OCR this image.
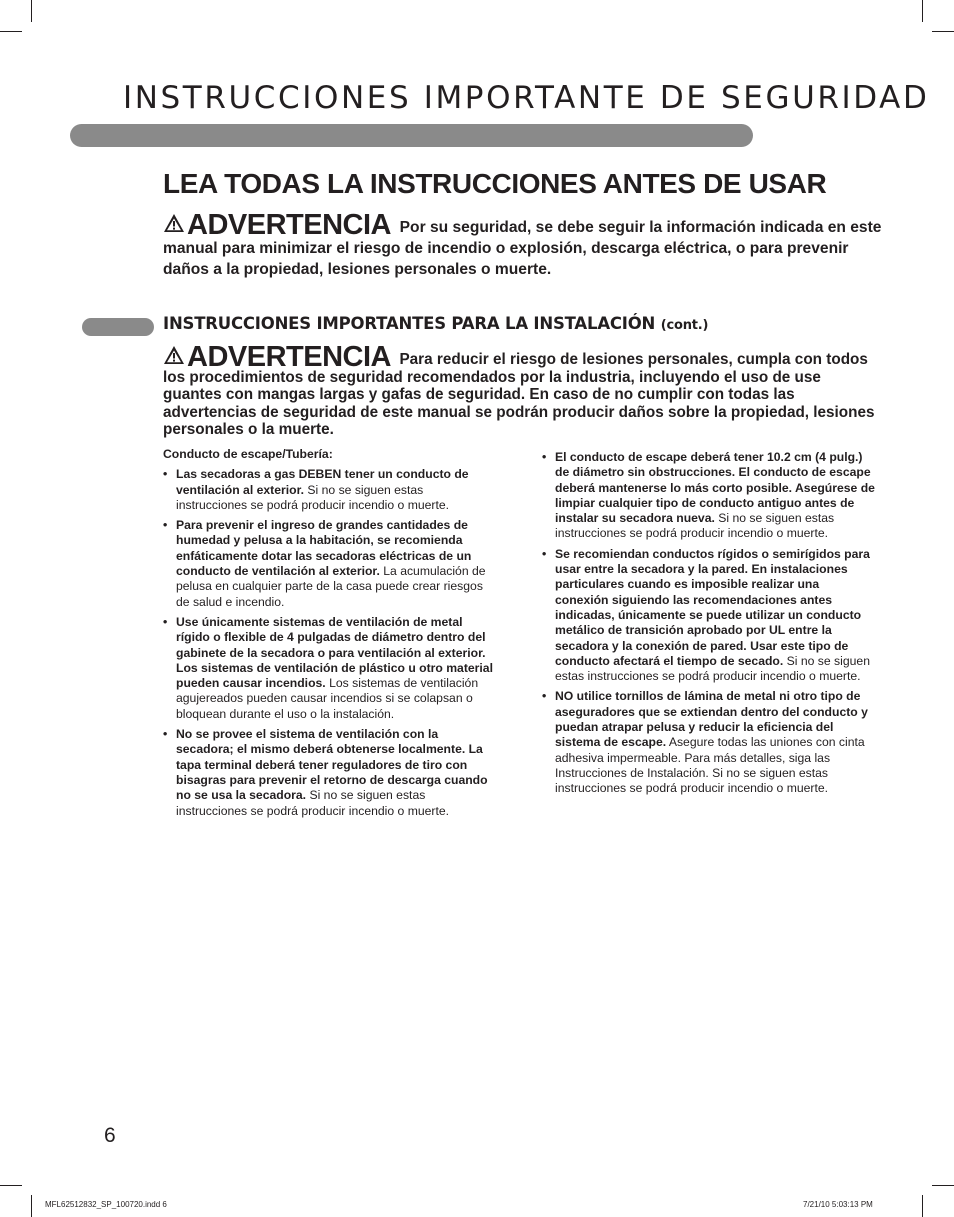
INSTRUCCIONES IMPORTANTE DE SEGURIDAD
LEA TODAS LA INSTRUCCIONES ANTES DE USAR
ADVERTENCIA Por su seguridad, se debe seguir la información indicada en este manual para minimizar el riesgo de incendio o explosión, descarga eléctrica, o para prevenir daños a la propiedad, lesiones personales o muerte.
INSTRUCCIONES IMPORTANTES PARA LA INSTALACIÓN (cont.)
ADVERTENCIA Para reducir el riesgo de lesiones personales, cumpla con todos los procedimientos de seguridad recomendados por la industria, incluyendo el uso de use guantes con mangas largas y gafas de seguridad. En caso de no cumplir con todas las advertencias de seguridad de este manual se podrán producir daños sobre la propiedad, lesiones personales o la muerte.

Conducto de escape/Tubería:

• Las secadoras a gas DEBEN tener un conducto de ventilación al exterior. Si no se siguen estas instrucciones se podrá producir incendio o muerte.
• Para prevenir el ingreso de grandes cantidades de humedad y pelusa a la habitación, se recomienda enfáticamente dotar las secadoras eléctricas de un conducto de ventilación al exterior. La acumulación de pelusa en cualquier parte de la casa puede crear riesgos de salud e incendio.
• Use únicamente sistemas de ventilación de metal rígido o flexible de 4 pulgadas de diámetro dentro del gabinete de la secadora o para ventilación al exterior. Los sistemas de ventilación de plástico u otro material pueden causar incendios. Los sistemas de ventilación agujereados pueden causar incendios si se colapsan o bloquean durante el uso o la instalación.
• No se provee el sistema de ventilación con la secadora; el mismo deberá obtenerse localmente. La tapa terminal deberá tener reguladores de tiro con bisagras para prevenir el retorno de descarga cuando no se usa la secadora. Si no se siguen estas instrucciones se podrá producir incendio o muerte.
• El conducto de escape deberá tener 10.2 cm (4 pulg.) de diámetro sin obstrucciones. El conducto de escape deberá mantenerse lo más corto posible. Asegúrese de limpiar cualquier tipo de conducto antiguo antes de instalar su secadora nueva. Si no se siguen estas instrucciones se podrá producir incendio o muerte.
• Se recomiendan conductos rígidos o semirígidos para usar entre la secadora y la pared. En instalaciones particulares cuando es imposible realizar una conexión siguiendo las recomendaciones antes indicadas, únicamente se puede utilizar un conducto metálico de transición aprobado por UL entre la secadora y la conexión de pared. Usar este tipo de conducto afectará el tiempo de secado. Si no se siguen estas instrucciones se podrá producir incendio o muerte.
• NO utilice tornillos de lámina de metal ni otro tipo de aseguradores que se extiendan dentro del conducto y puedan atrapar pelusa y reducir la eficiencia del sistema de escape. Asegure todas las uniones con cinta adhesiva impermeable. Para más detalles, siga las Instrucciones de Instalación. Si no se siguen estas instrucciones se podrá producir incendio o muerte.
6
MFL62512832_SP_100720.indd 6	7/21/10 5:03:13 PM
